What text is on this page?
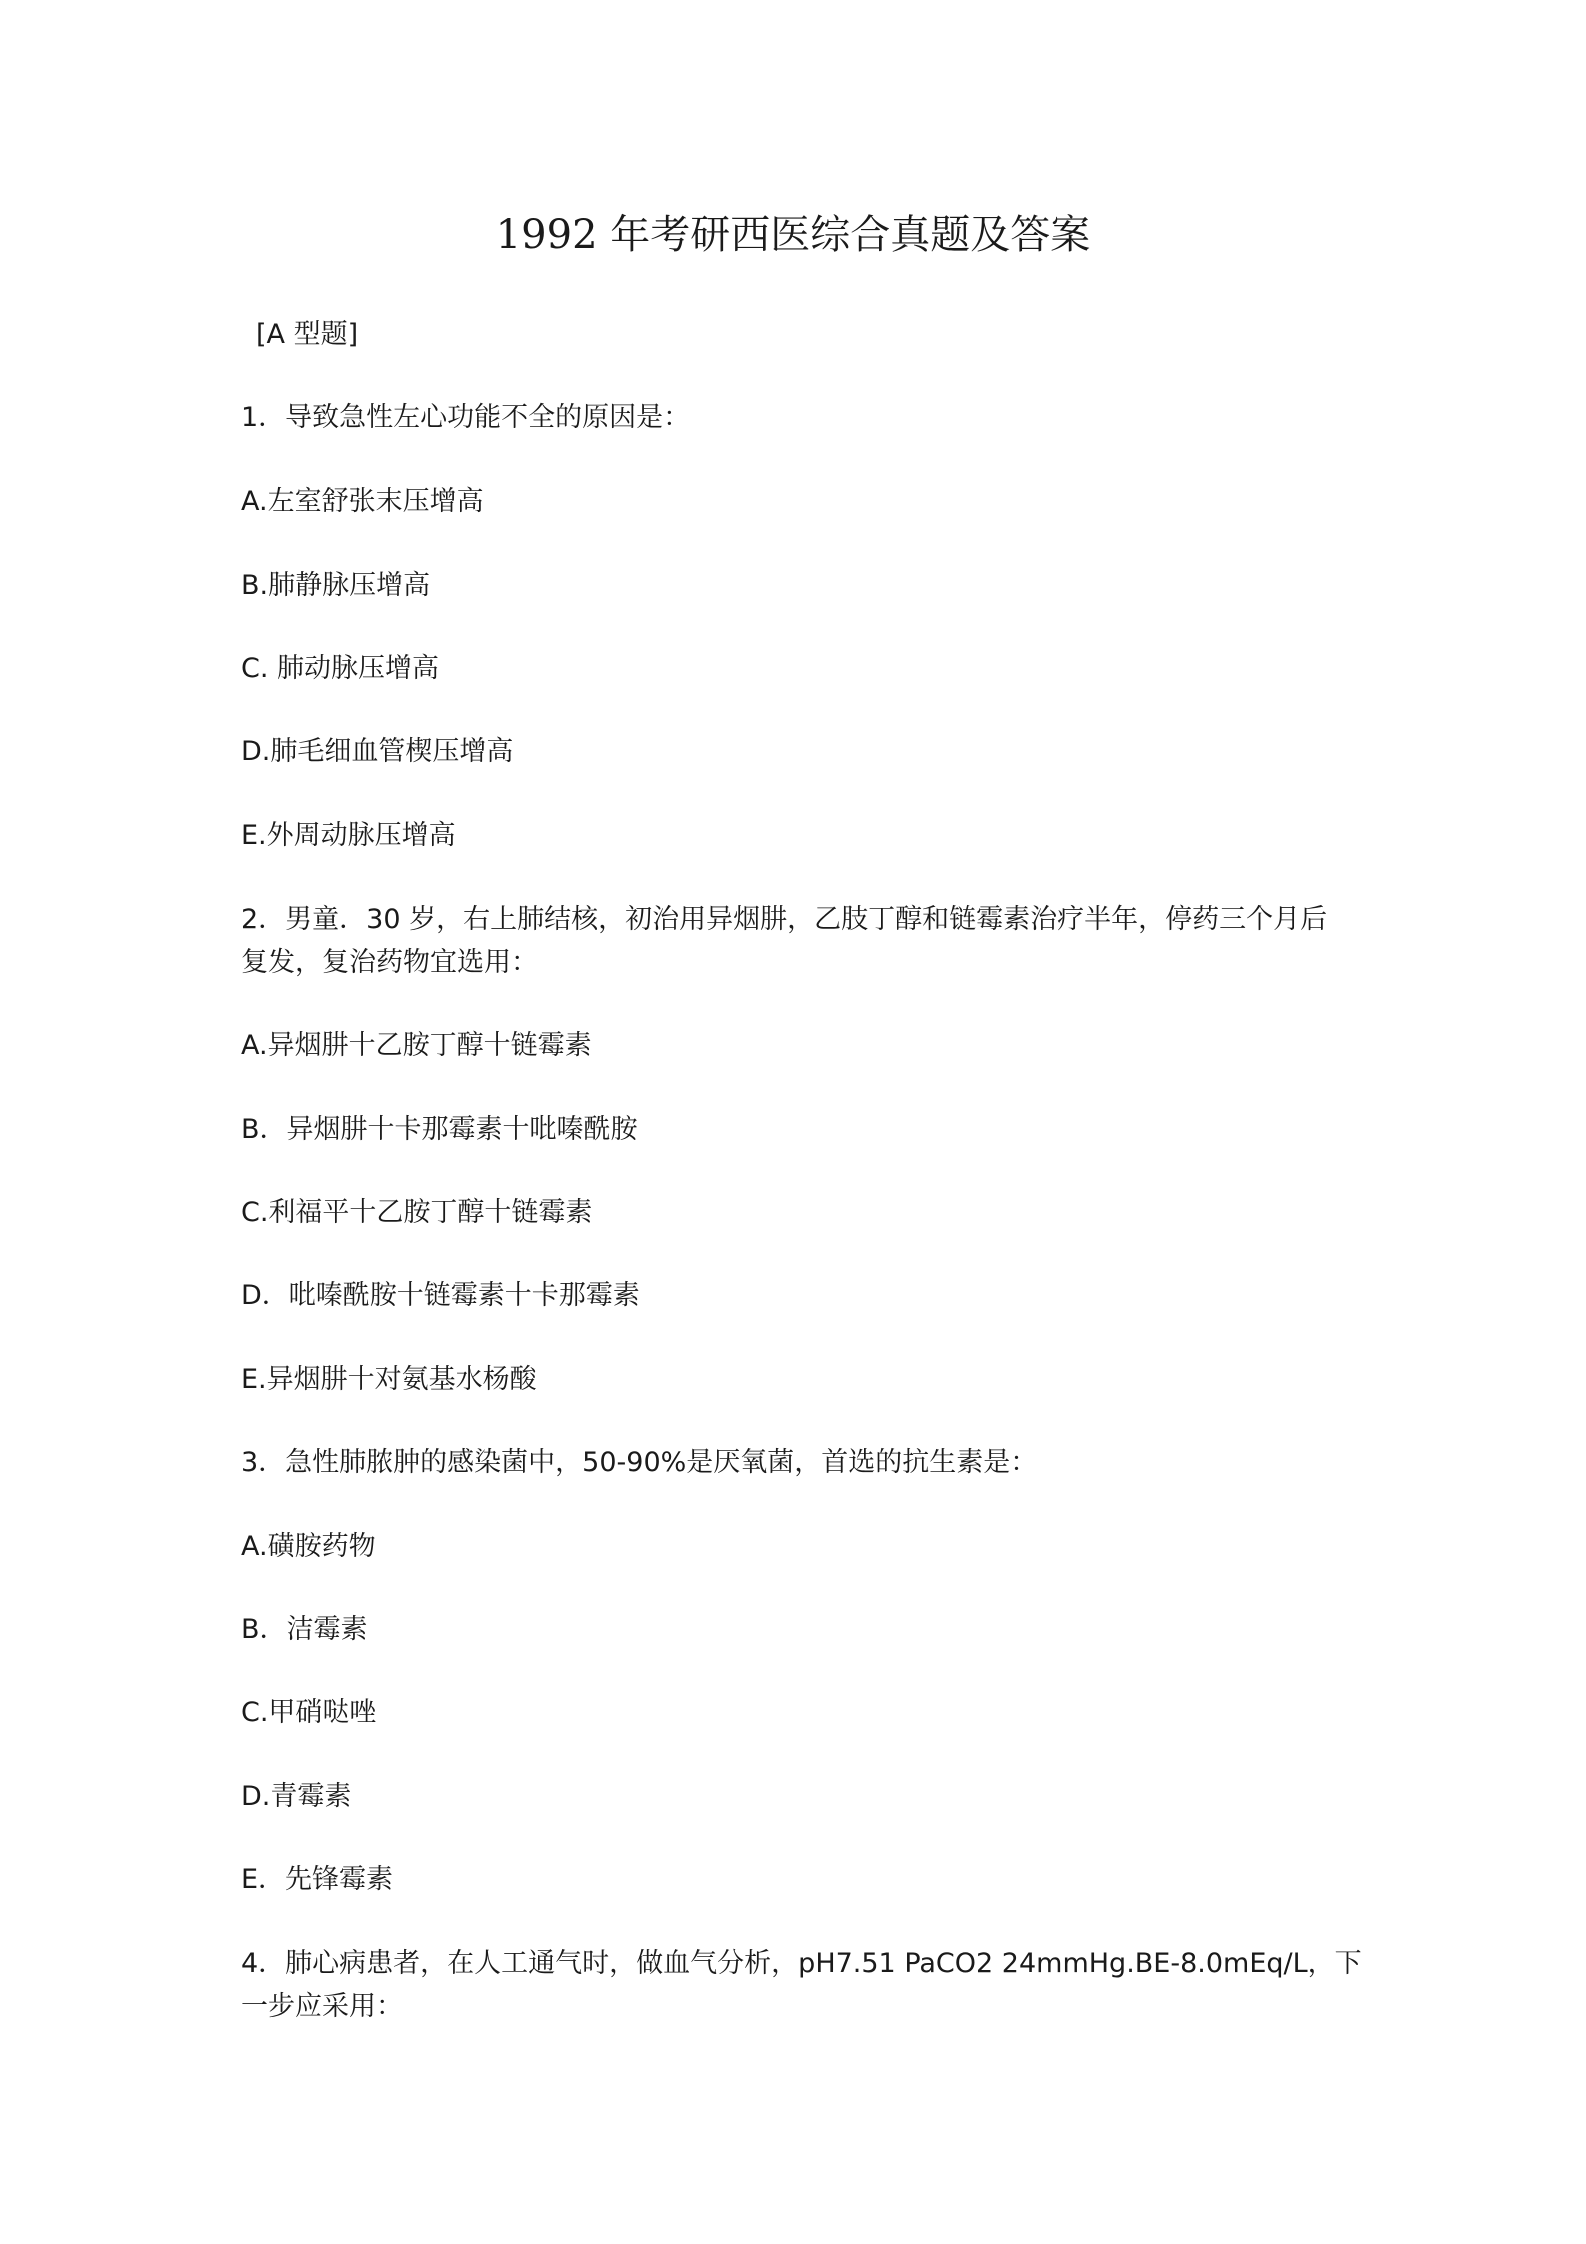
1992 年考研西医综合真题及答案

[A 型题]

1．导致急性左心功能不全的原因是：

A.左室舒张末压增高

B.肺静脉压增高

C. 肺动脉压增高

D.肺毛细血管楔压增高

E.外周动脉压增高

2．男童．30 岁，右上肺结核，初治用异烟肼，乙肢丁醇和链霉素治疗半年，停药三个月后

复发，复治药物宜选用：

A.异烟肼十乙胺丁醇十链霉素

B．异烟肼十卡那霉素十吡嗪酰胺

C.利福平十乙胺丁醇十链霉素

D．吡嗪酰胺十链霉素十卡那霉素

E.异烟肼十对氨基水杨酸

3．急性肺脓肿的感染菌中，50-90%是厌氧菌，首选的抗生素是：

A.磺胺药物

B．洁霉素

C.甲硝哒唑

D.青霉素

E．先锋霉素

4．肺心病患者，在人工通气时，做血气分析，pH7.51 PaCO2 24mmHg.BE-8.0mEq/L，下

一步应采用：
